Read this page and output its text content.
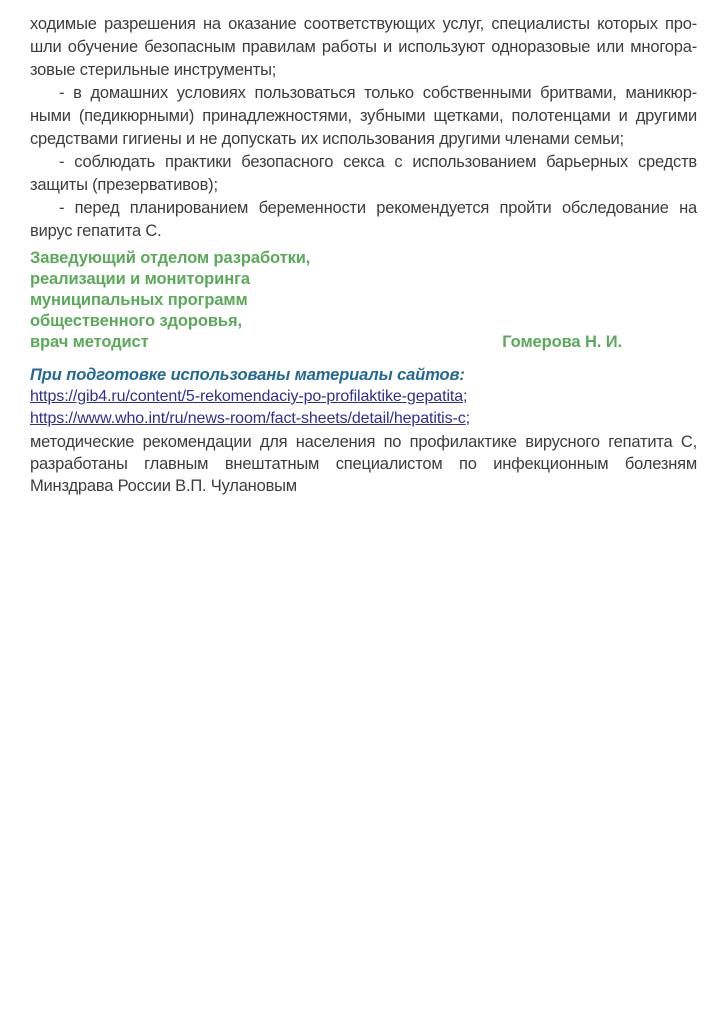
ходимые разрешения на оказание соответствующих услуг, специалисты которых про-
шли обучение безопасным правилам работы и используют одноразовые или многора-
зовые стерильные инструменты;
- в домашних условиях пользоваться только собственными бритвами, маникюр-
ными (педикюрными) принадлежностями, зубными щетками, полотенцами и другими
средствами гигиены и не допускать их использования другими членами семьи;
- соблюдать практики безопасного секса с использованием барьерных средств
защиты (презервативов);
- перед планированием беременности рекомендуется пройти обследование на
вирус гепатита С.
Заведующий отделом разработки,
реализации и мониторинга
муниципальных программ
общественного здоровья,
врач методист	Гомерова Н. И.
При подготовке использованы материалы сайтов:
https://gib4.ru/content/5-rekomendaciy-po-profilaktike-gepatita;
https://www.who.int/ru/news-room/fact-sheets/detail/hepatitis-c;
методические рекомендации для населения по профилактике вирусного гепатита С,
разработаны главным внештатным специалистом по инфекционным болезням
Минздрава России В.П. Чулановым
